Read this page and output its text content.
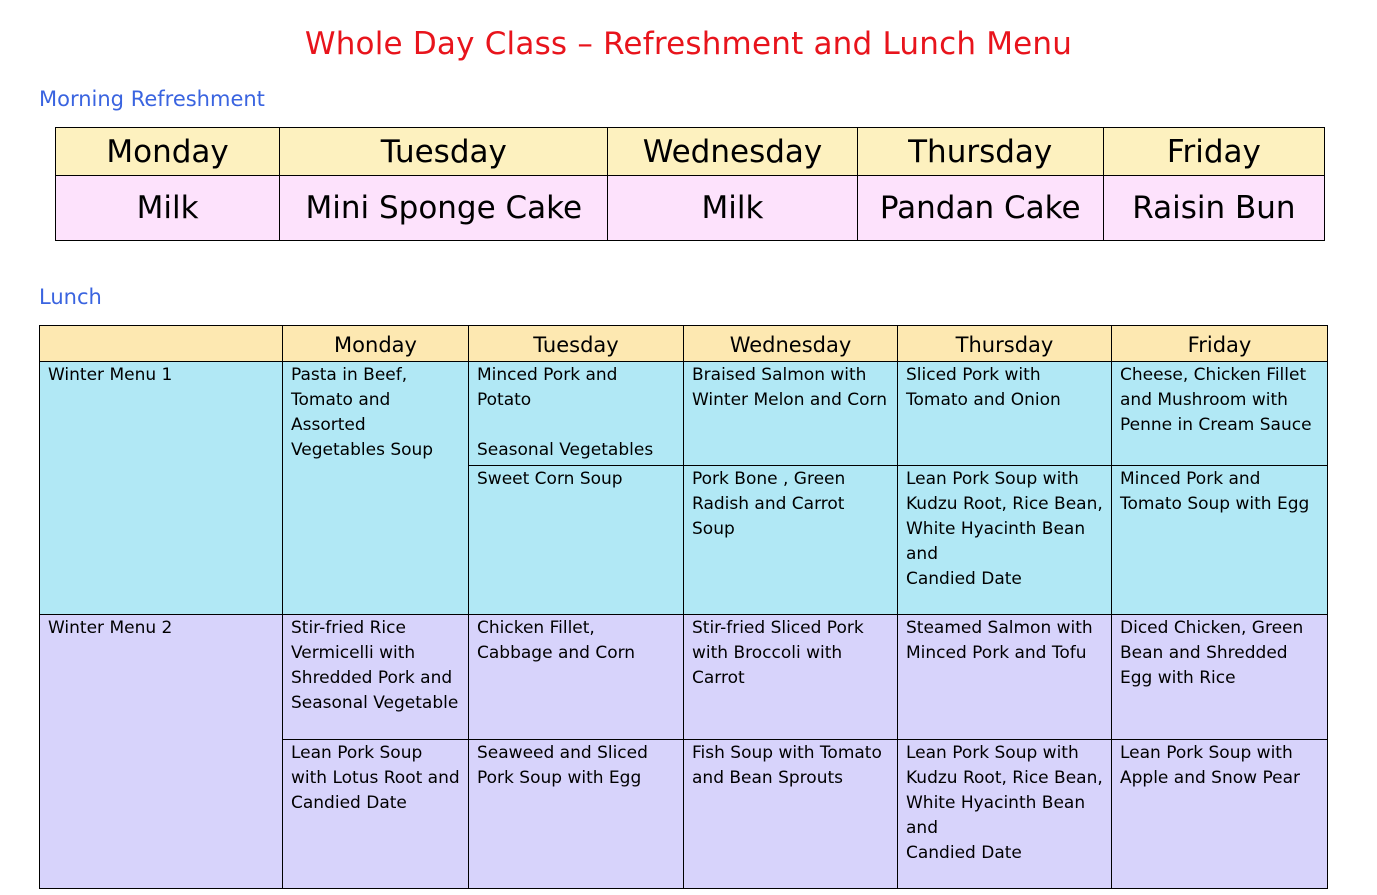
Whole Day Class – Refreshment and Lunch Menu
Morning Refreshment
Monday	Tuesday	Wednesday	Thursday	Friday
Milk	Mini Sponge Cake	Milk	Pandan Cake	Raisin Bun
Lunch
	Monday	Tuesday	Wednesday	Thursday	Friday
Winter Menu 1	Pasta in Beef,
Tomato and
Assorted
Vegetables Soup	Minced Pork and
Potato

Seasonal Vegetables	Braised Salmon with
Winter Melon and Corn	Sliced Pork with
Tomato and Onion	Cheese, Chicken Fillet
and Mushroom with
Penne in Cream Sauce
		Sweet Corn Soup	Pork Bone , Green
Radish and Carrot
Soup	Lean Pork Soup with
Kudzu Root, Rice Bean,
White Hyacinth Bean
and
Candied Date	Minced Pork and
Tomato Soup with Egg
Winter Menu 2	Stir-fried Rice
Vermicelli with
Shredded Pork and
Seasonal Vegetable	Chicken Fillet,
Cabbage and Corn	Stir-fried Sliced Pork
with Broccoli with
Carrot	Steamed Salmon with
Minced Pork and Tofu	Diced Chicken, Green
Bean and Shredded
Egg with Rice
	Lean Pork Soup
with Lotus Root and
Candied Date	Seaweed and Sliced
Pork Soup with Egg	Fish Soup with Tomato
and Bean Sprouts	Lean Pork Soup with
Kudzu Root, Rice Bean,
White Hyacinth Bean
and
Candied Date	Lean Pork Soup with
Apple and Snow Pear
